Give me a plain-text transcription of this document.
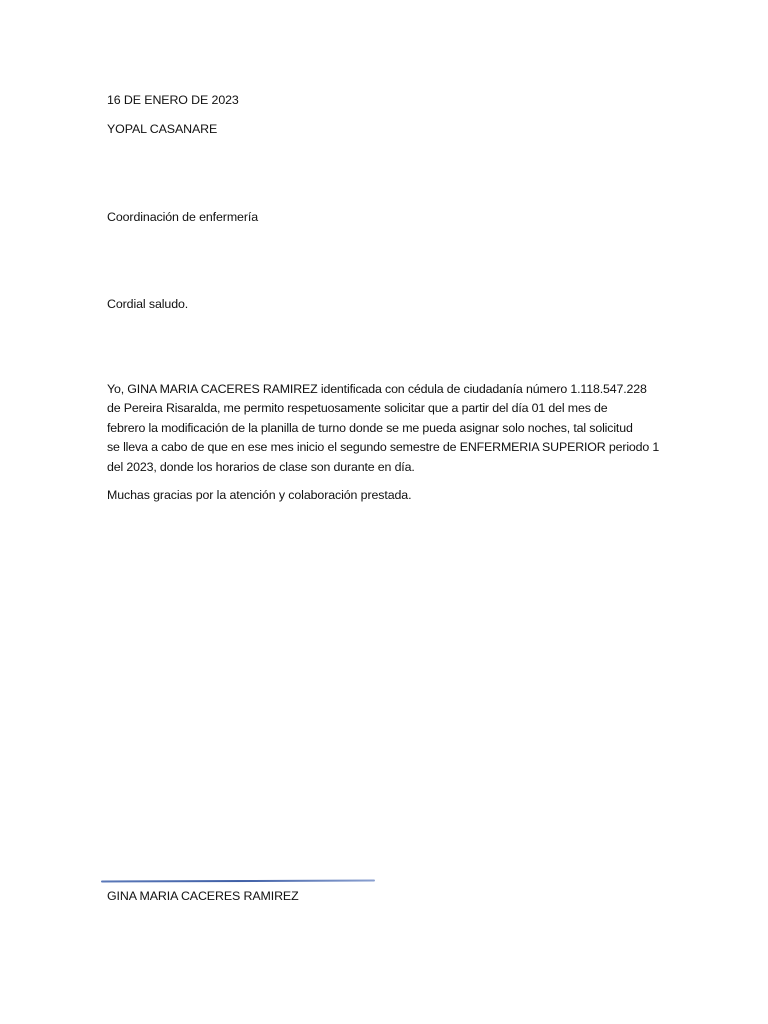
16 DE ENERO DE 2023
YOPAL CASANARE
Coordinación de enfermería
Cordial saludo.
Yo, GINA MARIA CACERES RAMIREZ identificada con cédula de ciudadanía número 1.118.547.228
de Pereira Risaralda, me permito respetuosamente solicitar que a partir del día 01 del mes de
febrero la modificación de la planilla de turno donde se me pueda asignar solo noches, tal solicitud
se lleva a cabo de que en ese mes inicio el segundo semestre de ENFERMERIA SUPERIOR periodo 1
del 2023, donde los horarios de clase son durante en día.
Muchas gracias por la atención y colaboración prestada.
GINA MARIA CACERES RAMIREZ
